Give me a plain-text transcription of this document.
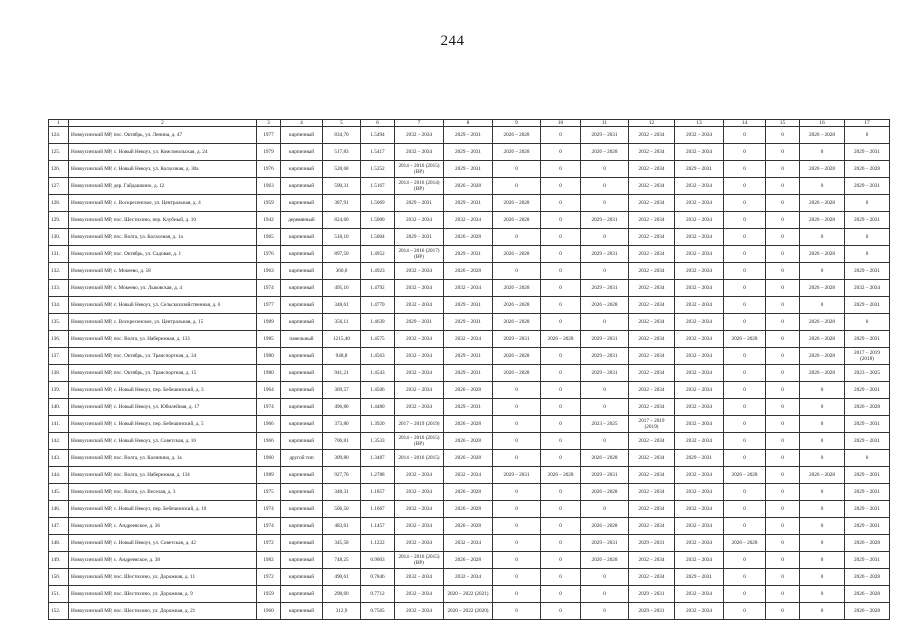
244
1	2	3	4	5	6	7	8	9	10	11	12	13	14	15	16	17
124.	Новоусинский МР, пос. Октябрь, ул. Ленина, д. 47	1977	кирпичный	834,70	1.5494	2032 – 2034	2029 – 2031	2026 – 2028	0	2029 – 2031	2032 – 2034	2032 – 2034	0	0	2026 – 2028	0
125.	Новоусинский МР, с. Новый Некоуз, ул. Комсомольская, д. 24	1979	кирпичный	517,83	1.5417	2032 – 2034	2029 – 2031	2026 – 2028	0	2026 – 2028	2032 – 2034	2032 – 2034	0	0	0	2029 – 2031
126.	Новоусинский МР, с. Новый Некоуз, ул. Колхозная, д. 30а	1976	кирпичный	528,68	1.5252	2014 – 2016 (2015) (ВР)	2029 – 2031	0	0	0	2032 – 2034	2029 – 2031	0	0	2026 – 2028	2026 – 2028
127.	Новоусинский МР, дер. Гайдашкино, д. 12	1963	кирпичный	590,31	1.5167	2014 – 2016 (2014) (ВР)	2026 – 2028	0	0	0	2032 – 2034	2032 – 2034	0	0	0	2029 – 2031
128.	Новоусинский МР, с. Воскресенское, ул. Центральная, д. 4	1959	кирпичный	387,91	1.5069	2029 – 2031	2029 – 2031	2026 – 2028	0	0	2032 – 2034	2032 – 2034	0	0	2026 – 2028	0
129.	Новоусинский МР, пос. Шестихино, пер. Клубный, д. 10	1942	деревянный	824,60	1.5000	2032 – 2034	2032 – 2034	2026 – 2028	0	2029 – 2031	2032 – 2034	2032 – 2034	0	0	2026 – 2028	2029 – 2031
130.	Новоусинский МР, пос. Волга, ул. Колхозная, д. 1а	1965	кирпичный	518,10	1.5004	2029 – 2031	2026 – 2028	0	0	0	2032 – 2034	2032 – 2034	0	0	0	0
131.	Новоусинский МР, пос. Октябрь, ул. Садовая, д. 1	1976	кирпичный	897,50	1.4952	2014 – 2016 (2017) (ВР)	2029 – 2031	2026 – 2028	0	2029 – 2031	2032 – 2034	2032 – 2034	0	0	2026 – 2028	0
132.	Новоусинский МР, с. Мокеево, д. 58	1963	кирпичный	360,0	1.4923	2032 – 2034	2026 – 2028	0	0	0	2032 – 2034	2032 – 2034	0	0	0	2029 – 2031
133.	Новоусинский МР, с. Мокеево, ул. Лыковская, д. 4	1974	кирпичный	495,10	1.4792	2032 – 2034	2032 – 2034	2026 – 2028	0	2029 – 2031	2032 – 2034	2032 – 2034	0	0	2026 – 2028	2032 – 2034
134.	Новоусинский МР, с. Новый Некоуз, ул. Сельскохозяйственная, д. 6	1977	кирпичный	348,61	1.4770	2032 – 2034	2029 – 2031	2026 – 2028	0	2026 – 2028	2032 – 2034	2032 – 2034	0	0	0	2029 – 2031
135.	Новоусинский МР, с. Воскресенское, ул. Центральная, д. 15	1989	кирпичный	356,11	1.4639	2029 – 2031	2029 – 2031	2026 – 2028	0	0	2032 – 2034	2032 – 2034	0	0	2026 – 2028	0
136.	Новоусинский МР, пос. Волга, ул. Набережная, д. 133	1985	панельный	1215,40	1.4575	2032 – 2034	2032 – 2034	2029 – 2031	2026 – 2028	2029 – 2031	2032 – 2034	2032 – 2034	2026 – 2028	0	2026 – 2028	2029 – 2031
137.	Новоусинский МР, пос. Октябрь, ул. Транспортная, д. 34	1980	кирпичный	948,8	1.4563	2032 – 2034	2029 – 2031	2026 – 2028	0	2029 – 2031	2032 – 2034	2032 – 2034	0	0	2026 – 2028	2017 – 2019 (2018)
138.	Новоусинский МР, пос. Октябрь, ул. Транспортная, д. 15	1980	кирпичный	941,21	1.4543	2032 – 2034	2029 – 2031	2026 – 2028	0	2029 – 2031	2032 – 2034	2032 – 2034	0	0	2026 – 2028	2023 – 2025
139.	Новоусинский МР, с. Новый Некоуз, пер. Бебешинский, д. 3	1964	кирпичный	369,57	1.4506	2032 – 2034	2026 – 2028	0	0	0	2032 – 2034	2032 – 2034	0	0	0	2029 – 2031
140.	Новоусинский МР, с. Новый Некоуз, ул. Юбилейная, д. 17	1974	кирпичный	496,80	1.4480	2032 – 2034	2029 – 2031	0	0	0	2032 – 2034	2032 – 2034	0	0	0	2026 – 2028
141.	Новоусинский МР, с. Новый Некоуз, пер. Бебешинский, д. 5	1966	кирпичный	373,80	1.3920	2017 – 2019 (2019)	2026 – 2028	0	0	2023 – 2025	2017 – 2019 (2019)	2032 – 2034	0	0	0	2029 – 2031
142.	Новоусинский МР, с. Новый Некоуз, ул. Советская, д. 16	1966	кирпичный	706,81	1.3533	2014 – 2016 (2015) (ВР)	2026 – 2028	0	0	0	2032 – 2034	2032 – 2034	0	0	0	2029 – 2031
143.	Новоусинский МР, пос. Волга, ул. Калинина, д. 1а	1960	другой тип	309,80	1.3487	2014 – 2016 (2015)	2026 – 2028	0	0	2026 – 2028	2032 – 2034	2029 – 2031	0	0	0	0
144.	Новоусинский МР, пос. Волга, ул. Набережная, д. 134	1989	кирпичный	927,70	1.2788	2032 – 2034	2032 – 2034	2029 – 2031	2026 – 2028	2029 – 2031	2032 – 2034	2032 – 2034	2026 – 2028	0	2026 – 2028	2029 – 2031
145.	Новоусинский МР, пос. Волга, ул. Веселая, д. 3	1975	кирпичный	348,31	1.1857	2032 – 2034	2026 – 2028	0	0	2026 – 2028	2032 – 2034	2032 – 2034	0	0	0	2029 – 2031
146.	Новоусинский МР, с. Новый Некоуз, пер. Бебешинский, д. 10	1974	кирпичный	506,50	1.1667	2032 – 2034	2026 – 2028	0	0	0	2032 – 2034	2032 – 2034	0	0	0	2029 – 2031
147.	Новоусинский МР, с. Андреевское, д. 36	1974	кирпичный	483,61	1.1457	2032 – 2034	2026 – 2028	0	0	2026 – 2028	2032 – 2034	2032 – 2034	0	0	0	2029 – 2031
148.	Новоусинский МР, с. Новый Некоуз, ул. Советская, д. 42	1972	кирпичный	345,58	1.1222	2032 – 2034	2032 – 2034	0	0	2029 – 2031	2029 – 2031	2032 – 2034	2026 – 2028	0	0	2026 – 2028
149.	Новоусинский МР, с. Андреевское, д. 38	1982	кирпичный	748,25	0.9003	2014 – 2016 (2015) (ВР)	2026 – 2028	0	0	2026 – 2028	2032 – 2034	2032 – 2034	0	0	0	2029 – 2031
150.	Новоусинский МР, пос. Шестихино, ул. Дорожная, д. 11	1972	кирпичный	490,61	0.7846	2032 – 2034	2032 – 2034	0	0	0	2032 – 2034	2029 – 2031	0	0	0	2026 – 2028
151.	Новоусинский МР, пос. Шестихино, ул. Дорожная, д. 9	1959	кирпичный	298,60	0.7712	2032 – 2034	2020 – 2022 (2021)	0	0	0	2029 – 2031	2032 – 2034	0	0	0	2026 – 2028
152.	Новоусинский МР, пос. Шестихино, ул. Дорожная, д. 21	1960	кирпичный	312,9	0.7565	2032 – 2034	2020 – 2022 (2020)	0	0	0	2029 – 2031	2032 – 2034	0	0	0	2026 – 2028
